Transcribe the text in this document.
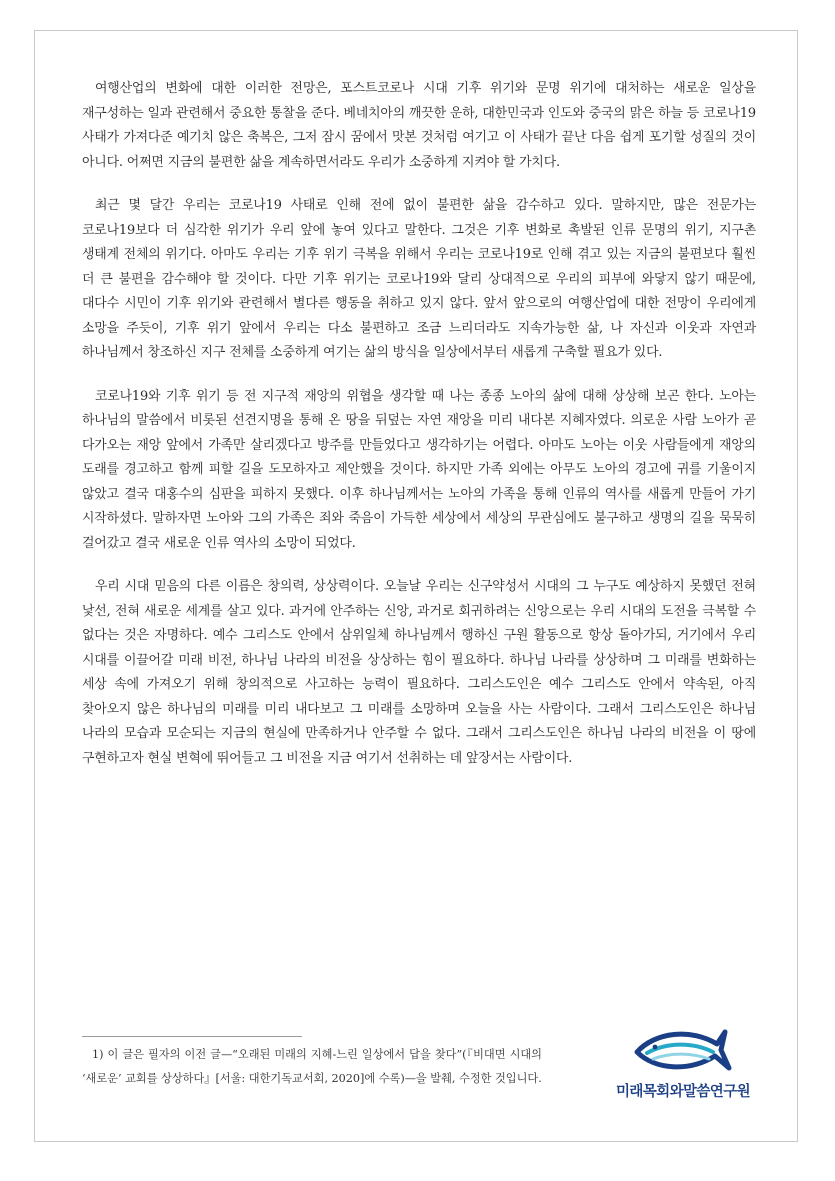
여행산업의 변화에 대한 이러한 전망은, 포스트코로나 시대 기후 위기와 문명 위기에 대처하는 새로운 일상을 재구성하는 일과 관련해서 중요한 통찰을 준다. 베네치아의 깨끗한 운하, 대한민국과 인도와 중국의 맑은 하늘 등 코로나19 사태가 가져다준 예기치 않은 축복은, 그저 잠시 꿈에서 맛본 것처럼 여기고 이 사태가 끝난 다음 쉽게 포기할 성질의 것이 아니다. 어쩌면 지금의 불편한 삶을 계속하면서라도 우리가 소중하게 지켜야 할 가치다.

최근 몇 달간 우리는 코로나19 사태로 인해 전에 없이 불편한 삶을 감수하고 있다. 말하지만, 많은 전문가는 코로나19보다 더 심각한 위기가 우리 앞에 놓여 있다고 말한다. 그것은 기후 변화로 촉발된 인류 문명의 위기, 지구촌 생태계 전체의 위기다. 아마도 우리는 기후 위기 극복을 위해서 우리는 코로나19로 인해 겪고 있는 지금의 불편보다 훨씬 더 큰 불편을 감수해야 할 것이다. 다만 기후 위기는 코로나19와 달리 상대적으로 우리의 피부에 와닿지 않기 때문에, 대다수 시민이 기후 위기와 관련해서 별다른 행동을 취하고 있지 않다. 앞서 앞으로의 여행산업에 대한 전망이 우리에게 소망을 주듯이, 기후 위기 앞에서 우리는 다소 불편하고 조금 느리더라도 지속가능한 삶, 나 자신과 이웃과 자연과 하나님께서 창조하신 지구 전체를 소중하게 여기는 삶의 방식을 일상에서부터 새롭게 구축할 필요가 있다.

코로나19와 기후 위기 등 전 지구적 재앙의 위협을 생각할 때 나는 종종 노아의 삶에 대해 상상해 보곤 한다. 노아는 하나님의 말씀에서 비롯된 선견지명을 통해 온 땅을 뒤덮는 자연 재앙을 미리 내다본 지혜자였다. 의로운 사람 노아가 곧 다가오는 재앙 앞에서 가족만 살리겠다고 방주를 만들었다고 생각하기는 어렵다. 아마도 노아는 이웃 사람들에게 재앙의 도래를 경고하고 함께 피할 길을 도모하자고 제안했을 것이다. 하지만 가족 외에는 아무도 노아의 경고에 귀를 기울이지 않았고 결국 대홍수의 심판을 피하지 못했다. 이후 하나님께서는 노아의 가족을 통해 인류의 역사를 새롭게 만들어 가기 시작하셨다. 말하자면 노아와 그의 가족은 죄와 죽음이 가득한 세상에서 세상의 무관심에도 불구하고 생명의 길을 묵묵히 걸어갔고 결국 새로운 인류 역사의 소망이 되었다.

우리 시대 믿음의 다른 이름은 창의력, 상상력이다. 오늘날 우리는 신구약성서 시대의 그 누구도 예상하지 못했던 전혀 낯선, 전혀 새로운 세계를 살고 있다. 과거에 안주하는 신앙, 과거로 회귀하려는 신앙으로는 우리 시대의 도전을 극복할 수 없다는 것은 자명하다. 예수 그리스도 안에서 삼위일체 하나님께서 행하신 구원 활동으로 항상 돌아가되, 거기에서 우리 시대를 이끌어갈 미래 비전, 하나님 나라의 비전을 상상하는 힘이 필요하다. 하나님 나라를 상상하며 그 미래를 변화하는 세상 속에 가져오기 위해 창의적으로 사고하는 능력이 필요하다. 그리스도인은 예수 그리스도 안에서 약속된, 아직 찾아오지 않은 하나님의 미래를 미리 내다보고 그 미래를 소망하며 오늘을 사는 사람이다. 그래서 그리스도인은 하나님 나라의 모습과 모순되는 지금의 현실에 만족하거나 안주할 수 없다. 그래서 그리스도인은 하나님 나라의 비전을 이 땅에 구현하고자 현실 변혁에 뛰어들고 그 비전을 지금 여기서 선취하는 데 앞장서는 사람이다.

1) 이 글은 필자의 이전 글—“오래된 미래의 지혜-느린 일상에서 답을 찾다”(『비대면 시대의 ‘새로운’ 교회를 상상하다』[서울: 대한기독교서회, 2020]에 수록)—을 발췌, 수정한 것입니다.
미래목회와말씀연구원
